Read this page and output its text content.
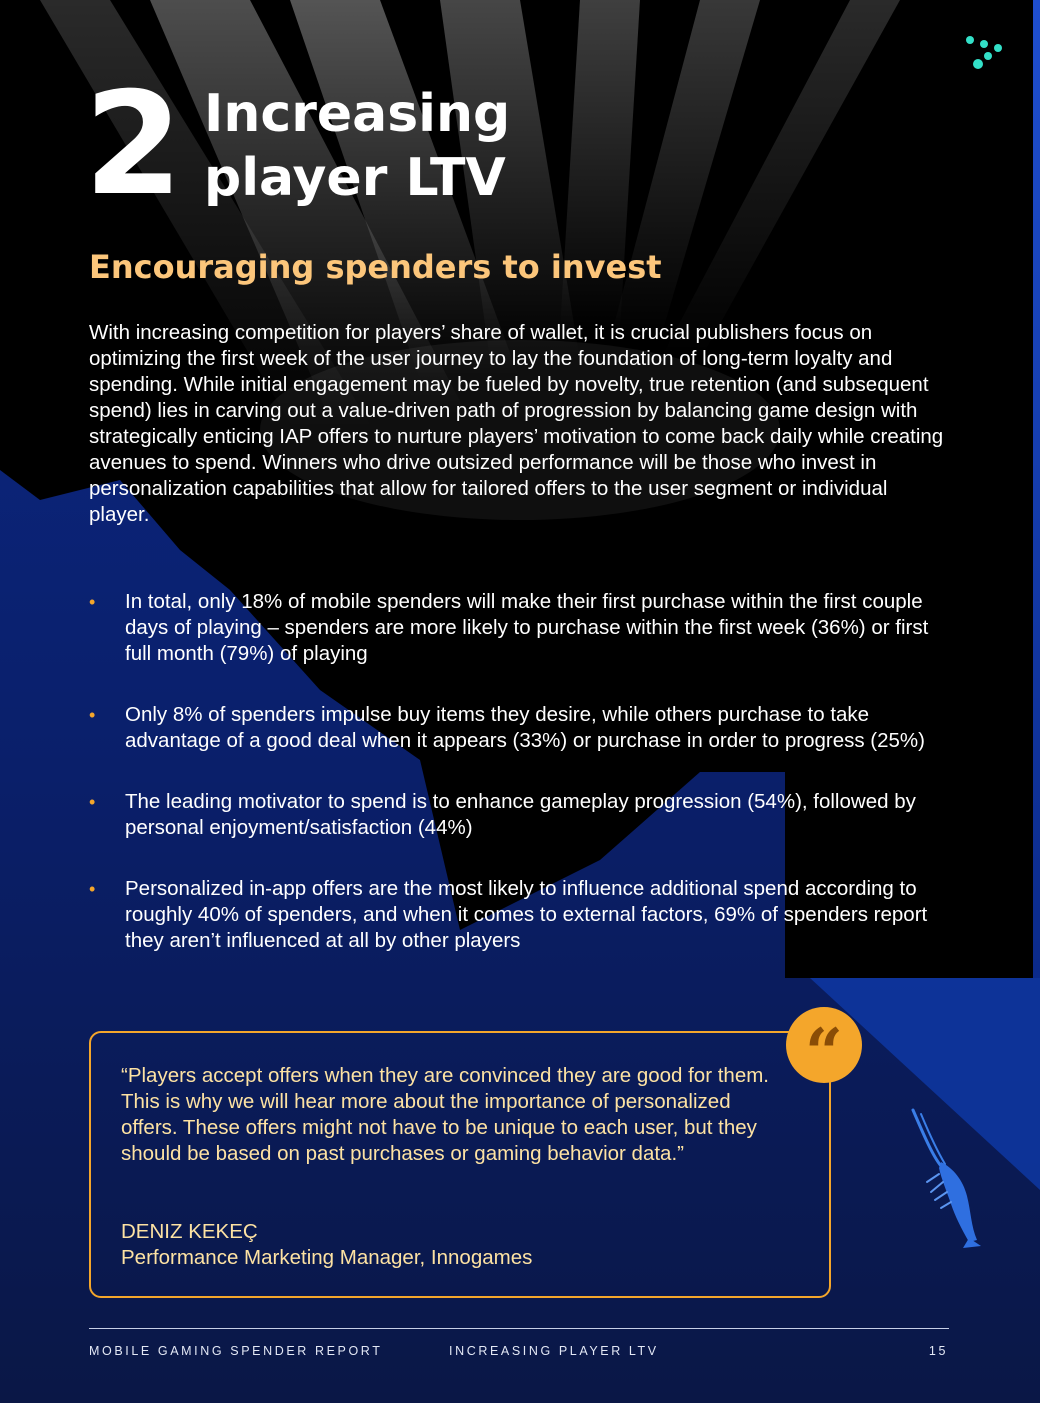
2 Increasing
player LTV
Encouraging spenders to invest

With increasing competition for players’ share of wallet, it is crucial publishers focus on optimizing the first week of the user journey to lay the foundation of long-term loyalty and spending. While initial engagement may be fueled by novelty, true retention (and subsequent spend) lies in carving out a value-driven path of progression by balancing game design with strategically enticing IAP offers to nurture players’ motivation to come back daily while creating avenues to spend. Winners who drive outsized performance will be those who invest in personalization capabilities that allow for tailored offers to the user segment or individual player.

• In total, only 18% of mobile spenders will make their first purchase within the first couple days of playing – spenders are more likely to purchase within the first week (36%) or first full month (79%) of playing
• Only 8% of spenders impulse buy items they desire, while others purchase to take advantage of a good deal when it appears (33%) or purchase in order to progress (25%)
• The leading motivator to spend is to enhance gameplay progression (54%), followed by personal enjoyment/satisfaction (44%)
• Personalized in-app offers are the most likely to influence additional spend according to roughly 40% of spenders, and when it comes to external factors, 69% of spenders report they aren’t influenced at all by other players

“Players accept offers when they are convinced they are good for them. This is why we will hear more about the importance of personalized offers. These offers might not have to be unique to each user, but they should be based on past purchases or gaming behavior data.”

DENIZ KEKEÇ
Performance Marketing Manager, Innogames
“
MOBILE GAMING SPENDER REPORT	INCREASING PLAYER LTV	15
